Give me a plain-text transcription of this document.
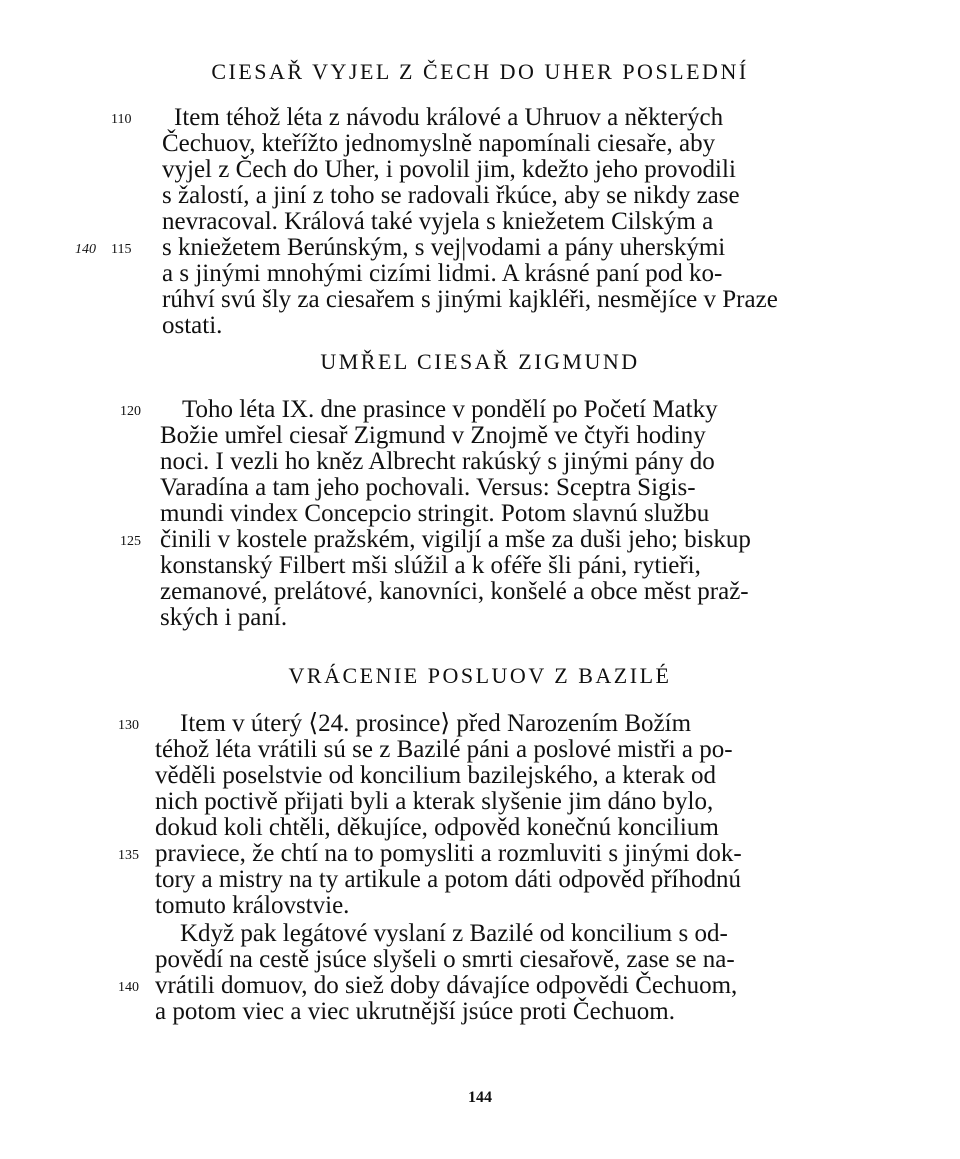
CIESAŘ VYJEL Z ČECH DO UHER POSLEDNÍ
110 Item téhož léta z návodu králové a Uhruov a některých
Čechuov, kteřížto jednomyslně napomínali ciesaře, aby
vyjel z Čech do Uher, i povolil jim, kdežto jeho provodili
s žalostí, a jiní z toho se radovali řkúce, aby se nikdy zase
nevracoval. Králová také vyjela s kniežetem Cilským a
140 115 s kniežetem Berúnským, s vej|vodami a pány uherskými
a s jinými mnohými cizími lidmi. A krásné paní pod ko-
rúhví svú šly za ciesařem s jinými kajkléři, nesmějíce v Praze
ostati.
UMŘEL CIESAŘ ZIGMUND
120 Toho léta IX. dne prasince v pondělí po Početí Matky
Božie umřel ciesař Zigmund v Znojmě ve čtyři hodiny
noci. I vezli ho kněz Albrecht rakúský s jinými pány do
Varadína a tam jeho pochovali. Versus: Sceptra Sigis-
mundi vindex Concepcio stringit. Potom slavnú službu
125 činili v kostele pražském, vigiljí a mše za duši jeho; biskup
konstanský Filbert mši slúžil a k oféře šli páni, rytieři,
zemanové, prelátové, kanovníci, konšelé a obce měst praž-
ských i paní.
VRÁCENIE POSLUOV Z BAZILÉ
130 Item v úterý ⟨24. prosince⟩ před Narozením Božím
téhož léta vrátili sú se z Bazilé páni a poslové mistři a po-
věděli poselstvie od koncilium bazilejského, a kterak od
nich poctivě přijati byli a kterak slyšenie jim dáno bylo,
dokud koli chtěli, děkujíce, odpověd konečnú koncilium
135 praviece, že chtí na to pomysliti a rozmluviti s jinými dok-
tory a mistry na ty artikule a potom dáti odpověd příhodnú
tomuto královstvie.
Když pak legátové vyslaní z Bazilé od koncilium s od-
pověd​í na cestě jsúce slyšeli o smrti ciesařově, zase se na-
140 vrátili domuov, do siež doby dávajíce odpovědi Čechuom,
a potom viec a viec ukrutnější jsúce proti Čechuom.
144
